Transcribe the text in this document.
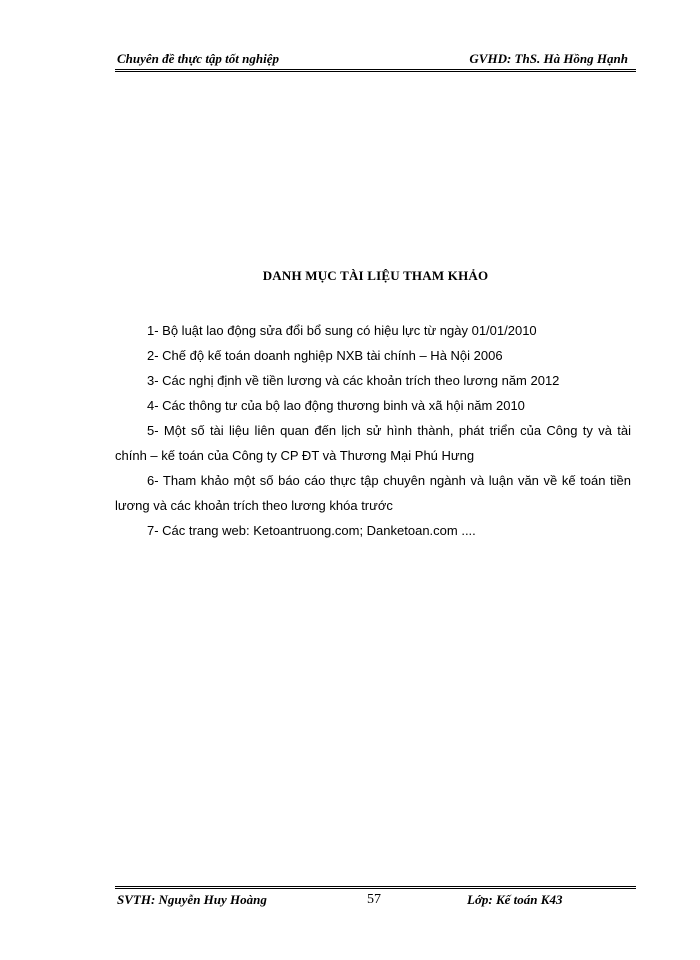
Chuyên đề thực tập tốt nghiệp	GVHD: ThS. Hà Hồng Hạnh
DANH MỤC TÀI LIỆU THAM KHẢO

1- Bộ luật lao động sửa đổi bổ sung có hiệu lực từ ngày 01/01/2010

2- Chế độ kế toán doanh nghiệp NXB tài chính – Hà Nội 2006

3- Các nghị định về tiền lương và các khoản trích theo lương năm 2012

4- Các thông tư của bộ lao động thương binh và xã hội năm 2010

5- Một số tài liệu liên quan đến lịch sử hình thành, phát triển của Công ty và tài chính – kế toán của Công ty CP ĐT và Thương Mại Phú Hưng

6- Tham khảo một số báo cáo thực tập chuyên ngành và luận văn về kế toán tiền lương và các khoản trích theo lương khóa trước

7- Các trang web: Ketoantruong.com; Danketoan.com ....

SVTH: Nguyễn Huy Hoàng	57	Lớp: Kế toán K43
